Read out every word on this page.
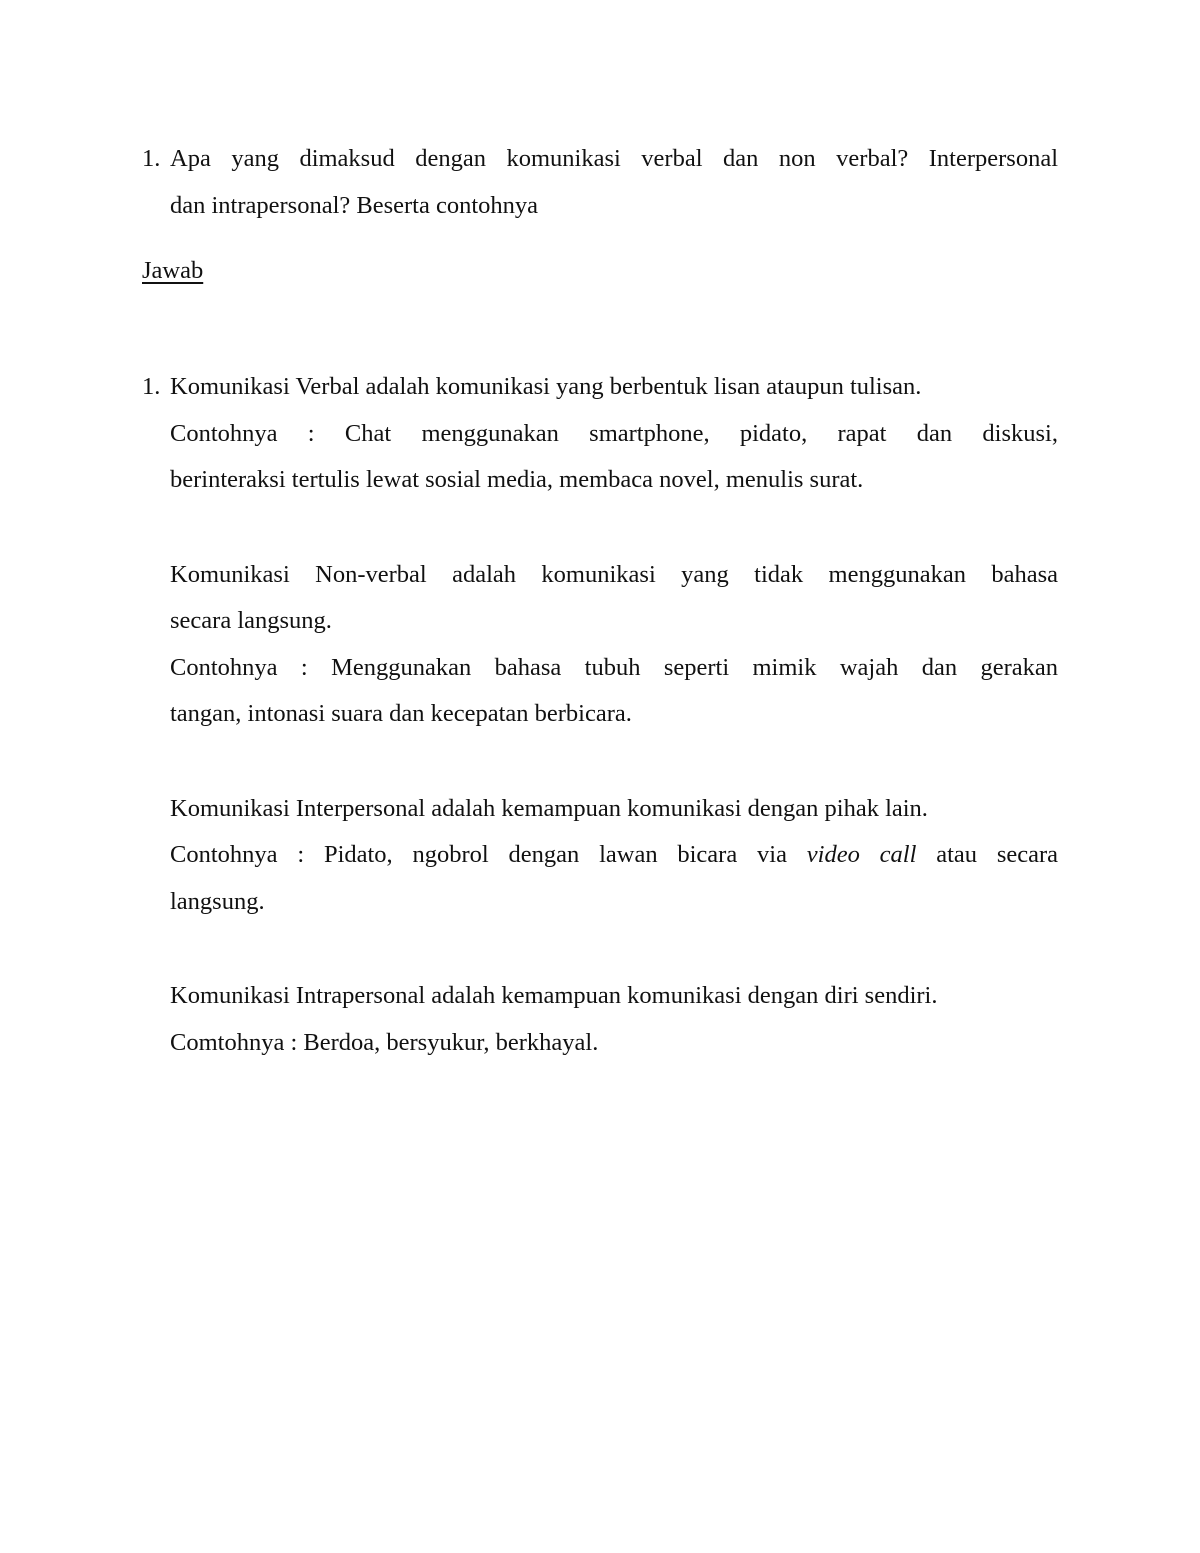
1. Apa yang dimaksud dengan komunikasi verbal dan non verbal? Interpersonal

dan intrapersonal? Beserta contohnya

Jawab
1. Komunikasi Verbal adalah komunikasi yang berbentuk lisan ataupun tulisan.

Contohnya : Chat menggunakan smartphone, pidato, rapat dan diskusi,

berinteraksi tertulis lewat sosial media, membaca novel, menulis surat.

Komunikasi Non-verbal adalah komunikasi yang tidak menggunakan bahasa

secara langsung.

Contohnya : Menggunakan bahasa tubuh seperti mimik wajah dan gerakan

tangan, intonasi suara dan kecepatan berbicara.

Komunikasi Interpersonal adalah kemampuan komunikasi dengan pihak lain.

Contohnya : Pidato, ngobrol dengan lawan bicara via video call atau secara

langsung.

Komunikasi Intrapersonal adalah kemampuan komunikasi dengan diri sendiri.

Comtohnya : Berdoa, bersyukur, berkhayal.
